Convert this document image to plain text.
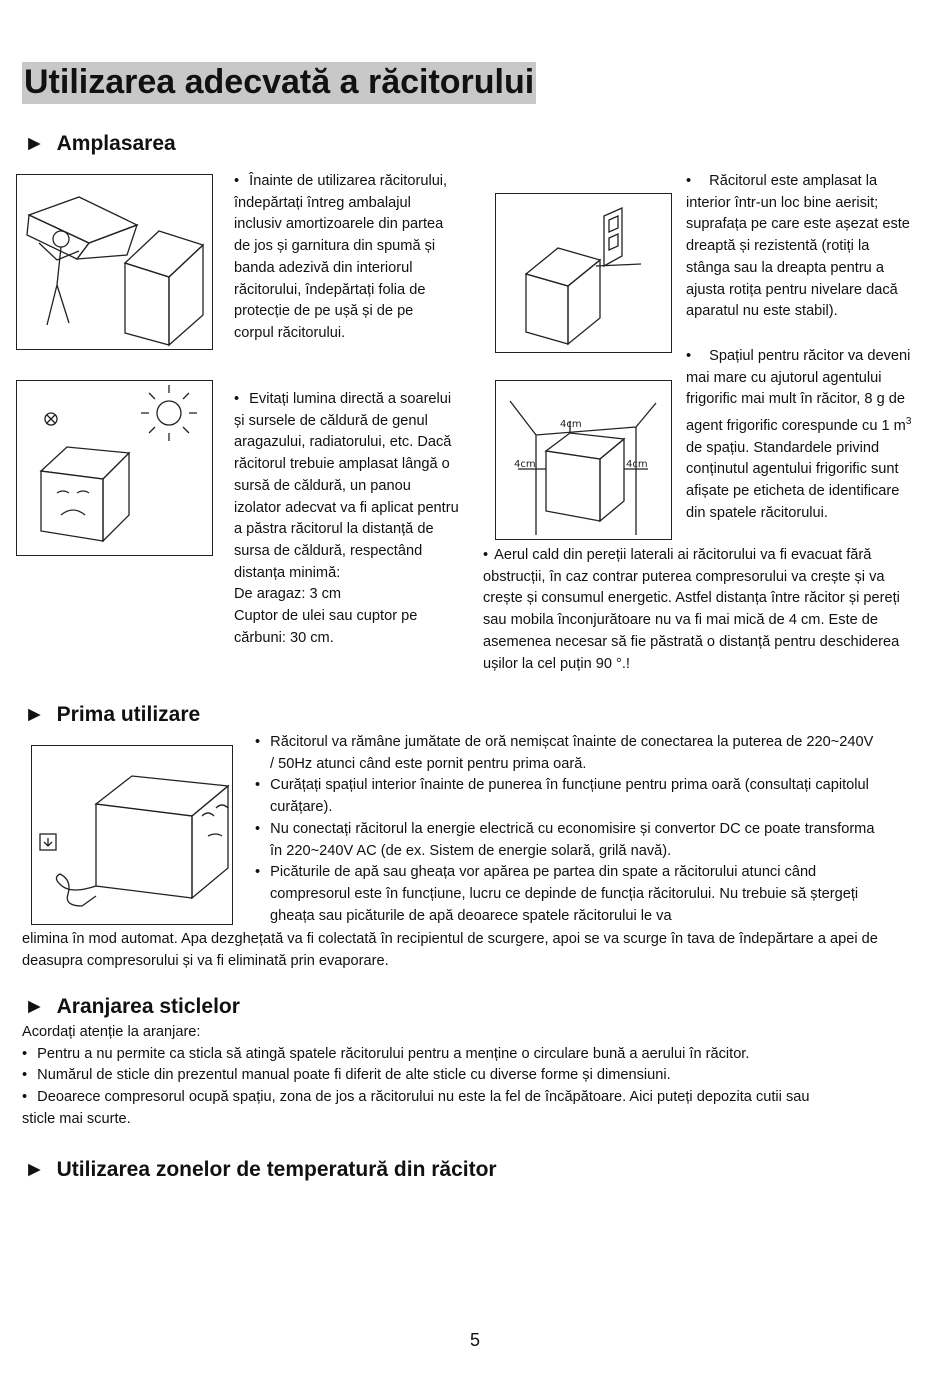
Utilizarea adecvată a răcitorului
► Amplasarea
• Înainte de utilizarea răcitorului, îndepărtați întreg ambalajul inclusiv amortizoarele din partea de jos și garnitura din spumă și banda adezivă din interiorul răcitorului, îndepărtați folia de protecție de pe ușă și de pe corpul răcitorului.
• Evitați lumina directă a soarelui și sursele de căldură de genul aragazului, radiatorului, etc. Dacă răcitorul trebuie amplasat lângă o sursă de căldură, un panou izolator adecvat va fi aplicat pentru a păstra răcitorul la distanță de sursa de căldură, respectând distanța minimă:
De aragaz: 3 cm
Cuptor de ulei sau cuptor pe cărbuni: 30 cm.
4cm
4cm	4cm
• Răcitorul este amplasat la interior într-un loc bine aerisit; suprafața pe care este așezat este dreaptă și rezistentă (rotiți la stânga sau la dreapta pentru a ajusta rotița pentru nivelare dacă aparatul nu este stabil).
• Spațiul pentru răcitor va deveni mai mare cu ajutorul agentului frigorific mai mult în răcitor, 8 g de agent frigorific corespunde cu 1 $m^3$ de spațiu. Standardele privind conținutul agentului frigorific sunt afișate pe eticheta de identificare din spatele răcitorului.
• Aerul cald din pereții laterali ai răcitorului va fi evacuat fără obstrucții, în caz contrar puterea compresorului va crește și va crește și consumul energetic. Astfel distanța între răcitor și pereți sau mobila înconjurătoare nu va fi mai mică de 4 cm. Este de asemenea necesar să fie păstrată o distanță pentru deschiderea ușilor la cel puțin 90 °.!
► Prima utilizare
• Răcitorul va rămâne jumătate de oră nemișcat înainte de conectarea la puterea de 220~240V / 50Hz atunci când este pornit pentru prima oară.
• Curățați spațiul interior înainte de punerea în funcțiune pentru prima oară (consultați capitolul curățare).
• Nu conectați răcitorul la energie electrică cu economisire și convertor DC ce poate transforma în 220~240V AC (de ex. Sistem de energie solară, grilă navă).
• Picăturile de apă sau gheața vor apărea pe partea din spate a răcitorului atunci când compresorul este în funcțiune, lucru ce depinde de funcția răcitorului. Nu trebuie să ștergeți gheața sau picăturile de apă deoarece spatele răcitorului le va
elimina în mod automat. Apa dezghețată va fi colectată în recipientul de scurgere, apoi se va scurge în tava de îndepărtare a apei de deasupra compresorului și va fi eliminată prin evaporare.
► Aranjarea sticlelor
Acordați atenție la aranjare:
• Pentru a nu permite ca sticla să atingă spatele răcitorului pentru a menține o circulare bună a aerului în răcitor.
• Numărul de sticle din prezentul manual poate fi diferit de alte sticle cu diverse forme și dimensiuni.
• Deoarece compresorul ocupă spațiu, zona de jos a răcitorului nu este la fel de încăpătoare. Aici puteți depozita cutii sau sticle mai scurte.
► Utilizarea zonelor de temperatură din răcitor
5
